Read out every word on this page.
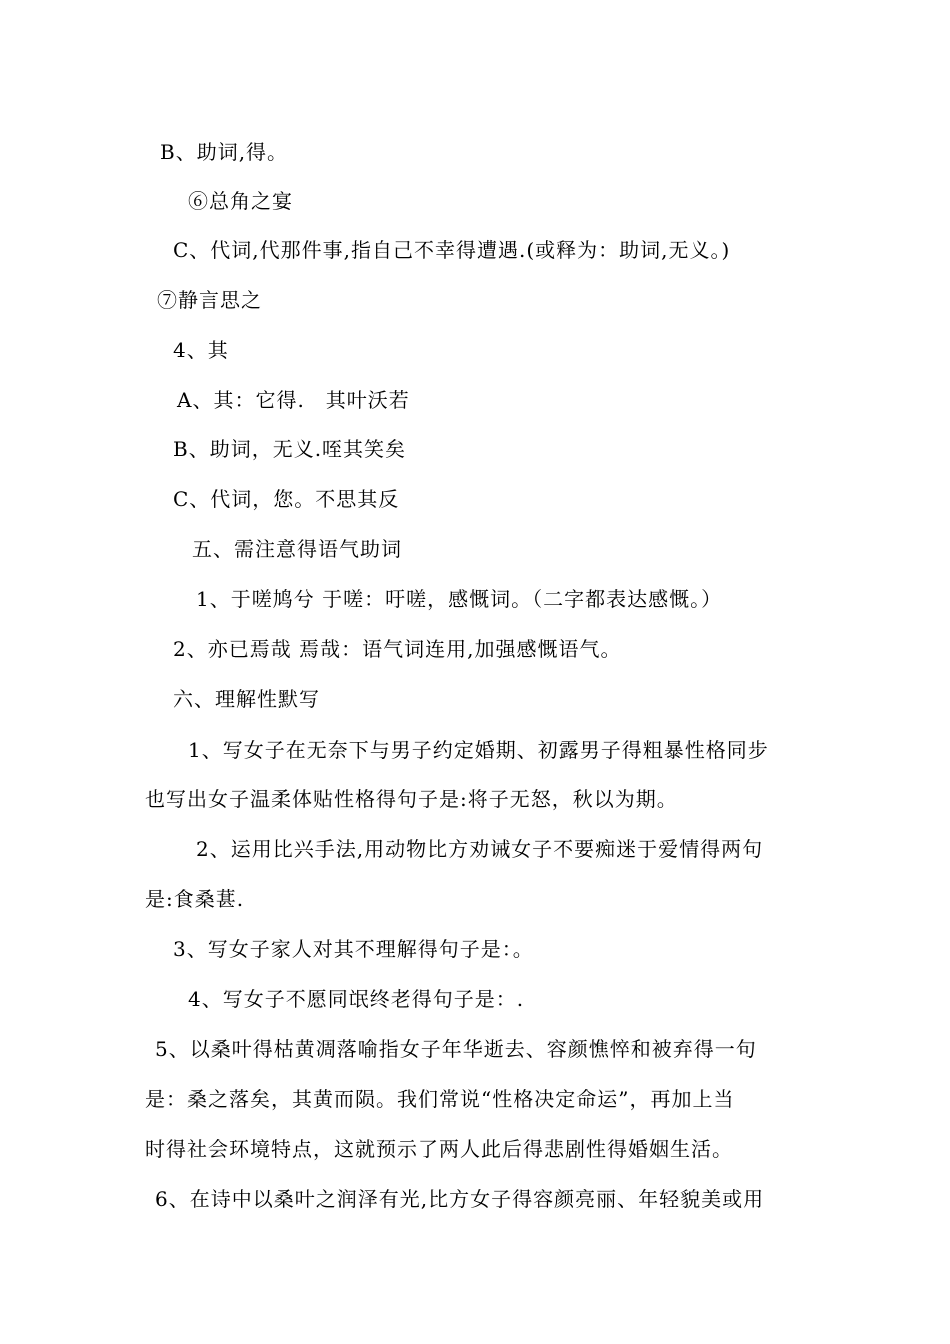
B、助词,得。
⑥总角之宴
C、代词,代那件事,指自己不幸得遭遇.(或释为：助词,无义。)
⑦静言思之
4、其
A、其：它得.　其叶沃若
B、助词，无义.咥其笑矣
C、代词，您。不思其反
五、需注意得语气助词
1、于嗟鸠兮 于嗟：吁嗟，感慨词。（二字都表达感慨。）
2、亦已焉哉 焉哉：语气词连用,加强感慨语气。
六、理解性默写
1、写女子在无奈下与男子约定婚期、初露男子得粗暴性格同步
也写出女子温柔体贴性格得句子是:将子无怒，秋以为期。
2、运用比兴手法,用动物比方劝诫女子不要痴迷于爱情得两句
是:食桑葚.
3、写女子家人对其不理解得句子是：。
4、写女子不愿同氓终老得句子是：.
5、以桑叶得枯黄凋落喻指女子年华逝去、容颜憔悴和被弃得一句
是：桑之落矣，其黄而陨。我们常说“性格决定命运”，再加上当
时得社会环境特点，这就预示了两人此后得悲剧性得婚姻生活。
6、在诗中以桑叶之润泽有光,比方女子得容颜亮丽、年轻貌美或用
